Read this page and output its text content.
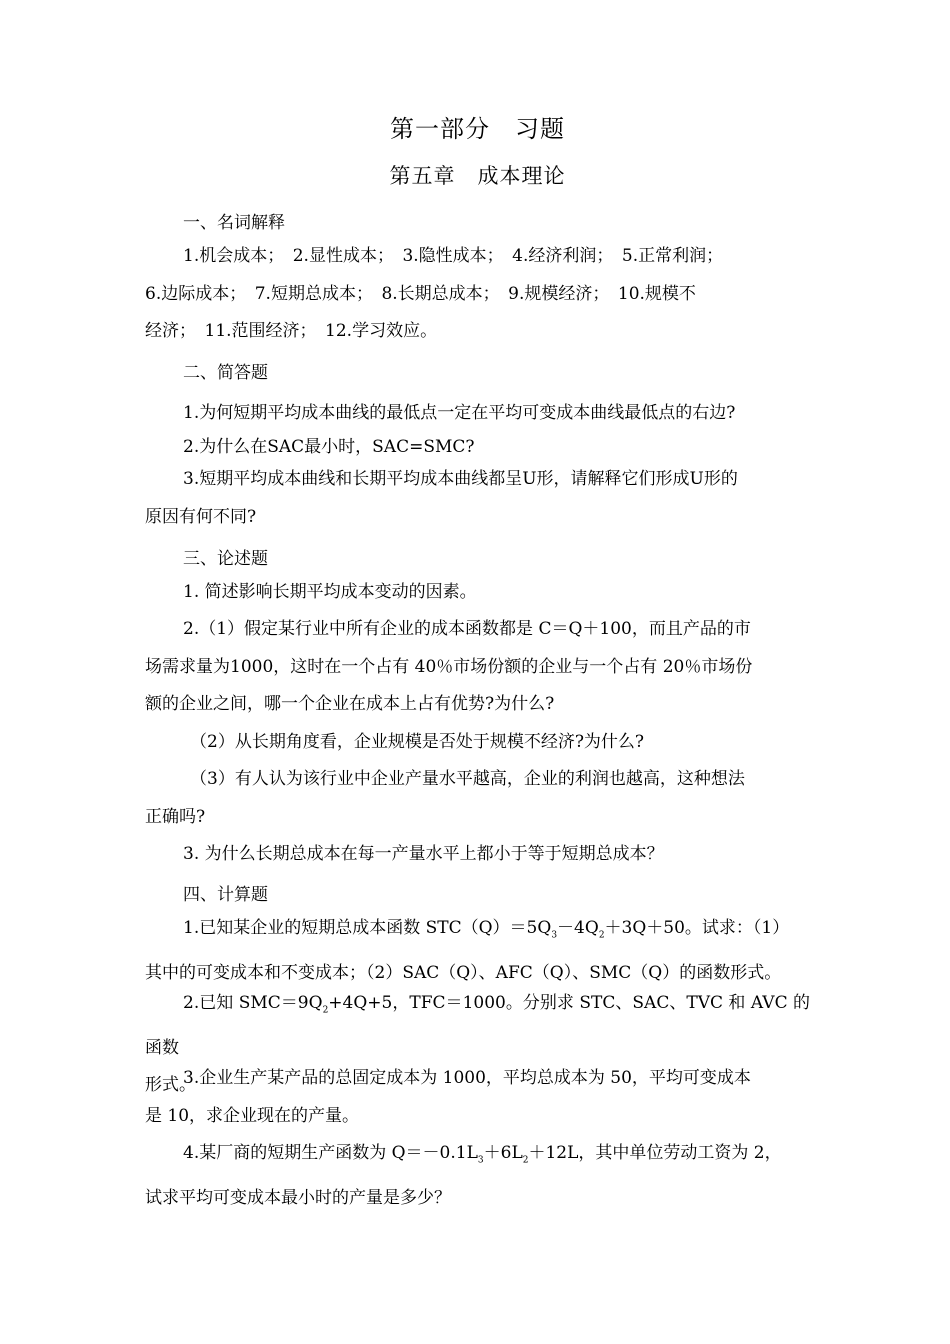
第一部分　习题
第五章　成本理论
一、名词解释
1.机会成本；　2.显性成本；　3.隐性成本；　4.经济利润；　5.正常利润；
6.边际成本；　7.短期总成本；　8.长期总成本；　9.规模经济；　10.规模不
经济；　11.范围经济；　12.学习效应。
二、简答题
1.为何短期平均成本曲线的最低点一定在平均可变成本曲线最低点的右边?
2.为什么在SAC最小时，SAC=SMC?
3.短期平均成本曲线和长期平均成本曲线都呈U形，请解释它们形成U形的
原因有何不同?
三、论述题
1. 简述影响长期平均成本变动的因素。
2.（1）假定某行业中所有企业的成本函数都是 C＝Q＋100，而且产品的市
场需求量为1000，这时在一个占有 40％市场份额的企业与一个占有 20％市场份
额的企业之间，哪一个企业在成本上占有优势?为什么?
（2）从长期角度看，企业规模是否处于规模不经济?为什么?
（3）有人认为该行业中企业产量水平越高，企业的利润也越高，这种想法
正确吗?
3. 为什么长期总成本在每一产量水平上都小于等于短期总成本？
四、计算题
1.已知某企业的短期总成本函数 $STC(Q)=5Q_3-4Q_2+3Q+50$。试求：（1）
其中的可变成本和不变成本；（2）SAC（Q）、AFC（Q）、SMC（Q）的函数形式。
2.已知 $SMC=9Q_2+4Q+5$，TFC＝1000。分别求 STC、SAC、TVC 和 AVC 的函数
形式。
3.企业生产某产品的总固定成本为 1000，平均总成本为 50，平均可变成本
是 10，求企业现在的产量。
4.某厂商的短期生产函数为 $Q=-0.1L_3+6L_2+12L$，其中单位劳动工资为 2，
试求平均可变成本最小时的产量是多少？
